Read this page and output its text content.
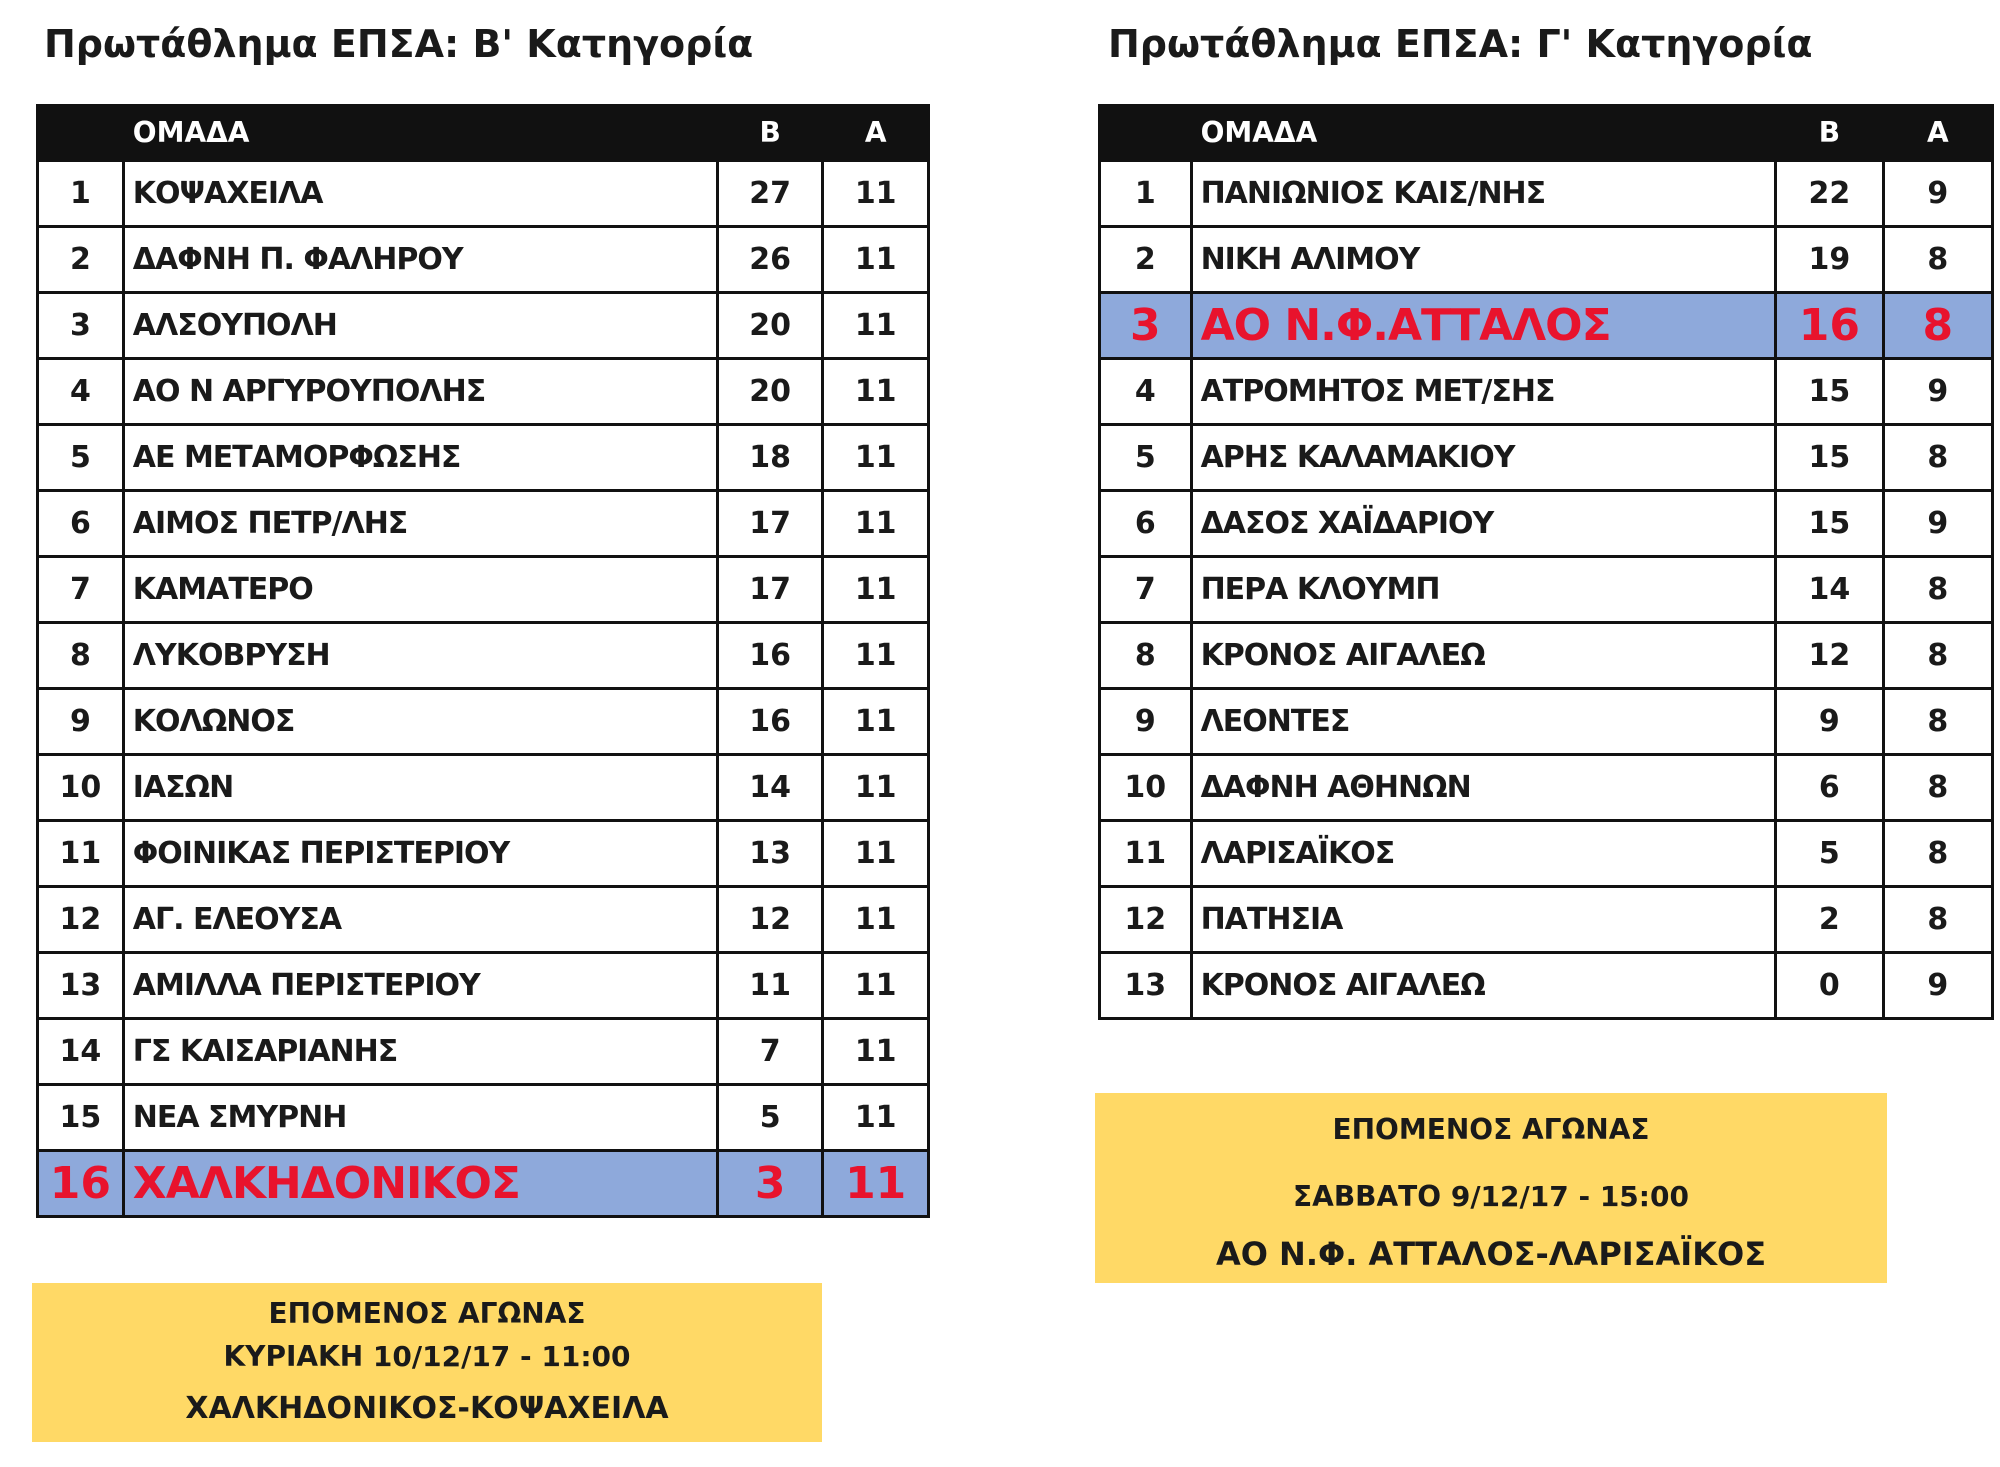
Πρωτάθλημα ΕΠΣΑ: Β' Κατηγορία	Πρωτάθλημα ΕΠΣΑ: Γ' Κατηγορία
	ΟΜΑΔΑ	Β	Α
1	ΚΟΨΑΧΕΙΛΑ	27	11
2	ΔΑΦΝΗ Π. ΦΑΛΗΡΟΥ	26	11
3	ΑΛΣΟΥΠΟΛΗ	20	11
4	ΑΟ Ν ΑΡΓΥΡΟΥΠΟΛΗΣ	20	11
5	ΑΕ ΜΕΤΑΜΟΡΦΩΣΗΣ	18	11
6	ΑΙΜΟΣ ΠΕΤΡ/ΛΗΣ	17	11
7	ΚΑΜΑΤΕΡΟ	17	11
8	ΛΥΚΟΒΡΥΣΗ	16	11
9	ΚΟΛΩΝΟΣ	16	11
10	ΙΑΣΩΝ	14	11
11	ΦΟΙΝΙΚΑΣ ΠΕΡΙΣΤΕΡΙΟΥ	13	11
12	ΑΓ. ΕΛΕΟΥΣΑ	12	11
13	ΑΜΙΛΛΑ ΠΕΡΙΣΤΕΡΙΟΥ	11	11
14	ΓΣ ΚΑΙΣΑΡΙΑΝΗΣ	7	11
15	ΝΕΑ ΣΜΥΡΝΗ	5	11
16	ΧΑΛΚΗΔΟΝΙΚΟΣ	3	11
	ΟΜΑΔΑ	Β	Α
1	ΠΑΝΙΩΝΙΟΣ ΚΑΙΣ/ΝΗΣ	22	9
2	ΝΙΚΗ ΑΛΙΜΟΥ	19	8
3	ΑΟ Ν.Φ.ΑΤΤΑΛΟΣ	16	8
4	ΑΤΡΟΜΗΤΟΣ ΜΕΤ/ΣΗΣ	15	9
5	ΑΡΗΣ ΚΑΛΑΜΑΚΙΟΥ	15	8
6	ΔΑΣΟΣ ΧΑΪΔΑΡΙΟΥ	15	9
7	ΠΕΡΑ ΚΛΟΥΜΠ	14	8
8	ΚΡΟΝΟΣ ΑΙΓΑΛΕΩ	12	8
9	ΛΕΟΝΤΕΣ	9	8
10	ΔΑΦΝΗ ΑΘΗΝΩΝ	6	8
11	ΛΑΡΙΣΑΪΚΟΣ	5	8
12	ΠΑΤΗΣΙΑ	2	8
13	ΚΡΟΝΟΣ ΑΙΓΑΛΕΩ	0	9
ΕΠΟΜΕΝΟΣ ΑΓΩΝΑΣ
ΚΥΡΙΑΚΗ 10/12/17 - 11:00
ΧΑΛΚΗΔΟΝΙΚΟΣ-ΚΟΨΑΧΕΙΛΑ
ΕΠΟΜΕΝΟΣ ΑΓΩΝΑΣ
ΣΑΒΒΑΤΟ 9/12/17 - 15:00
ΑΟ Ν.Φ. ΑΤΤΑΛΟΣ-ΛΑΡΙΣΑΪΚΟΣ
